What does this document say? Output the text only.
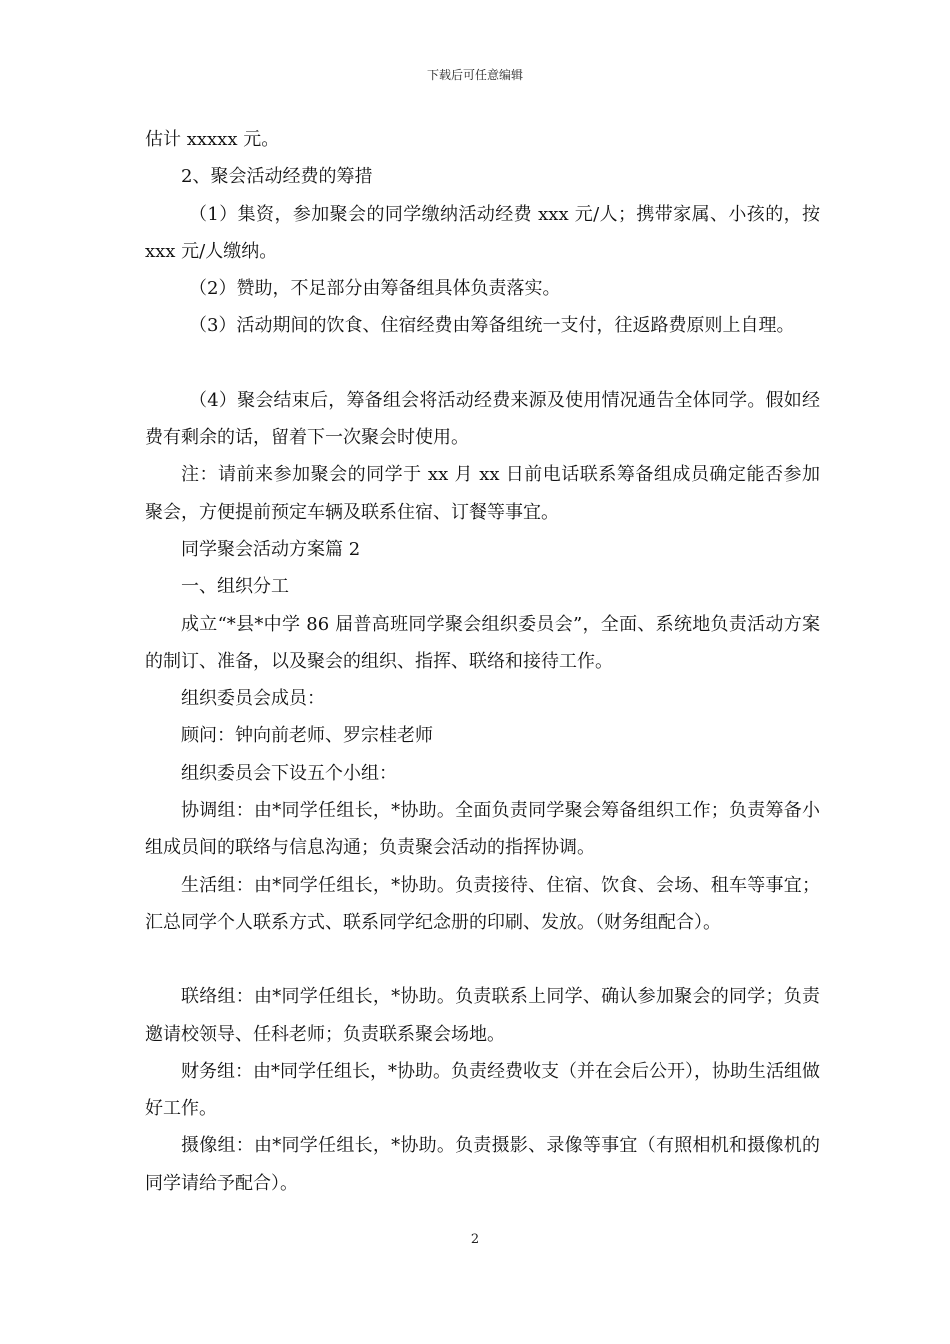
下载后可任意编辑

估计 xxxxx 元。

2、聚会活动经费的筹措

（1）集资，参加聚会的同学缴纳活动经费 xxx 元/人；携带家属、小孩的，按 xxx 元/人缴纳。

（2）赞助，不足部分由筹备组具体负责落实。

（3）活动期间的饮食、住宿经费由筹备组统一支付，往返路费原则上自理。

（4）聚会结束后，筹备组会将活动经费来源及使用情况通告全体同学。假如经费有剩余的话，留着下一次聚会时使用。

注：请前来参加聚会的同学于 xx 月 xx 日前电话联系筹备组成员确定能否参加聚会，方便提前预定车辆及联系住宿、订餐等事宜。

同学聚会活动方案篇 2

一、组织分工

成立“*县*中学 86 届普高班同学聚会组织委员会”，全面、系统地负责活动方案的制订、准备，以及聚会的组织、指挥、联络和接待工作。

组织委员会成员：

顾问：钟向前老师、罗宗桂老师

组织委员会下设五个小组：

协调组：由*同学任组长，*协助。全面负责同学聚会筹备组织工作；负责筹备小组成员间的联络与信息沟通；负责聚会活动的指挥协调。

生活组：由*同学任组长，*协助。负责接待、住宿、饮食、会场、租车等事宜；汇总同学个人联系方式、联系同学纪念册的印刷、发放。（财务组配合）。

联络组：由*同学任组长，*协助。负责联系上同学、确认参加聚会的同学；负责邀请校领导、任科老师；负责联系聚会场地。

财务组：由*同学任组长，*协助。负责经费收支（并在会后公开），协助生活组做好工作。

摄像组：由*同学任组长，*协助。负责摄影、录像等事宜（有照相机和摄像机的同学请给予配合）。

2
